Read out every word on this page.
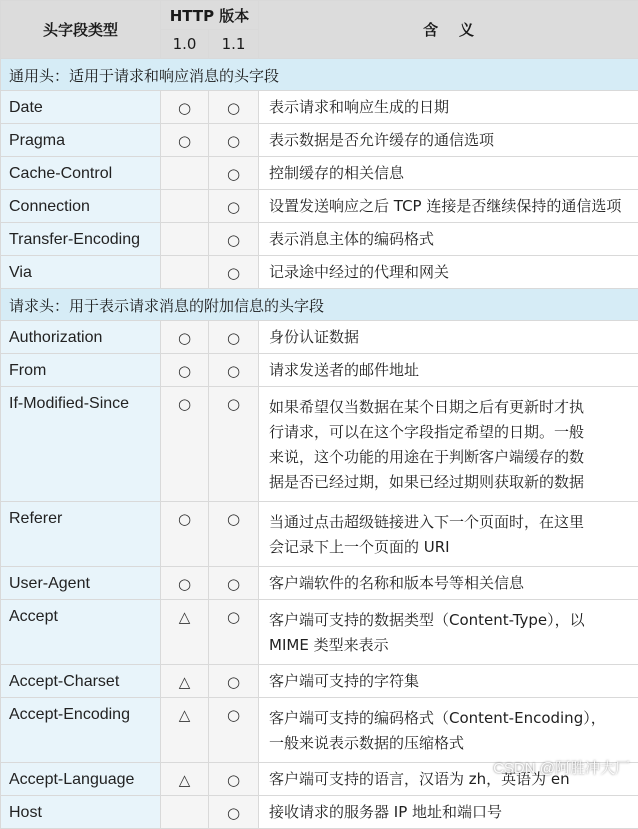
头字段类型	HTTP 版本		含    义
	1.0	1.1	
通用头：适用于请求和响应消息的头字段			
Date	○	○	表示请求和响应生成的日期

Pragma	○	○	表示数据是否允许缓存的通信选项

Cache-Control		○	控制缓存的相关信息

Connection		○	设置发送响应之后 TCP 连接是否继续保持的通信选项

Transfer-Encoding		○	表示消息主体的编码格式

Via		○	记录途中经过的代理和网关

请求头：用于表示请求消息的附加信息的头字段			
Authorization	○	○	身份认证数据

From	○	○	请求发送者的邮件地址

If-Modified-Since	○	○	如果希望仅当数据在某个日期之后有更新时才执
行请求，可以在这个字段指定希望的日期。一般
来说，这个功能的用途在于判断客户端缓存的数
据是否已经过期，如果已经过期则获取新的数据

Referer	○	○	当通过点击超级链接进入下一个页面时，在这里
会记录下上一个页面的 URI

User-Agent	○	○	客户端软件的名称和版本号等相关信息

Accept	△	○	客户端可支持的数据类型（Content-Type），以
MIME 类型来表示

Accept-Charset	△	○	客户端可支持的字符集

Accept-Encoding	△	○	客户端可支持的编码格式（Content-Encoding），
一般来说表示数据的压缩格式

Accept-Language	△	○	客户端可支持的语言，汉语为 zh，英语为 en

Host		○	接收请求的服务器 IP 地址和端口号
CSDN @阿胜冲大厂
